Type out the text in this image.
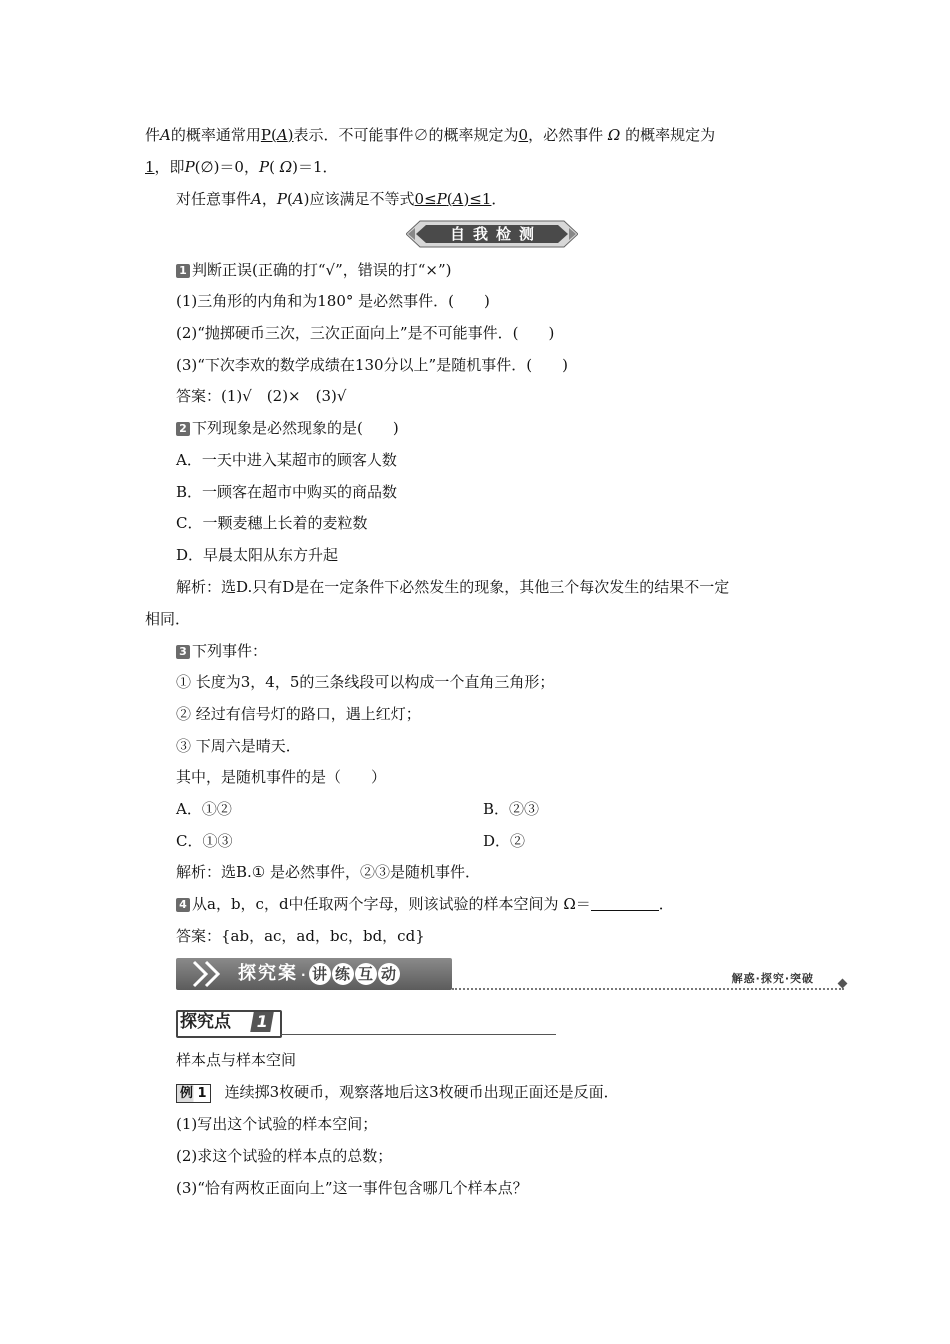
件A的概率通常用P(A)表示．不可能事件∅的概率规定为0，必然事件 Ω 的概率规定为
1，即P(∅)＝0，P( Ω)＝1．
对任意事件A，P(A)应该满足不等式0≤P(A)≤1．
自我检测
1 判断正误(正确的打“√”，错误的打“×”)
(1)三角形的内角和为180° 是必然事件．(　　)
(2)“抛掷硬币三次，三次正面向上”是不可能事件．(　　)
(3)“下次李欢的数学成绩在130分以上”是随机事件．(　　)
答案：(1)√　(2)×　(3)√
2 下列现象是必然现象的是(　　)
A．一天中进入某超市的顾客人数
B．一顾客在超市中购买的商品数
C．一颗麦穗上长着的麦粒数
D．早晨太阳从东方升起
解析：选D.只有D是在一定条件下必然发生的现象，其他三个每次发生的结果不一定
相同．
3 下列事件：
① 长度为3，4，5的三条线段可以构成一个直角三角形；
② 经过有信号灯的路口，遇上红灯；
③ 下周六是晴天．
其中，是随机事件的是（　　）
A．①②	B．②③
C．①③	D．②
解析：选B.① 是必然事件，②③是随机事件．
4 从a，b，c，d中任取两个字母，则该试验的样本空间为 Ω＝	．
答案：{ab，ac，ad，bc，bd，cd}
探究案 · 讲 练 互 动	解惑·探究·突破
探究点 1
样本点与样本空间
例 1 连续掷3枚硬币，观察落地后这3枚硬币出现正面还是反面．
(1)写出这个试验的样本空间；
(2)求这个试验的样本点的总数；
(3)“恰有两枚正面向上”这一事件包含哪几个样本点？
